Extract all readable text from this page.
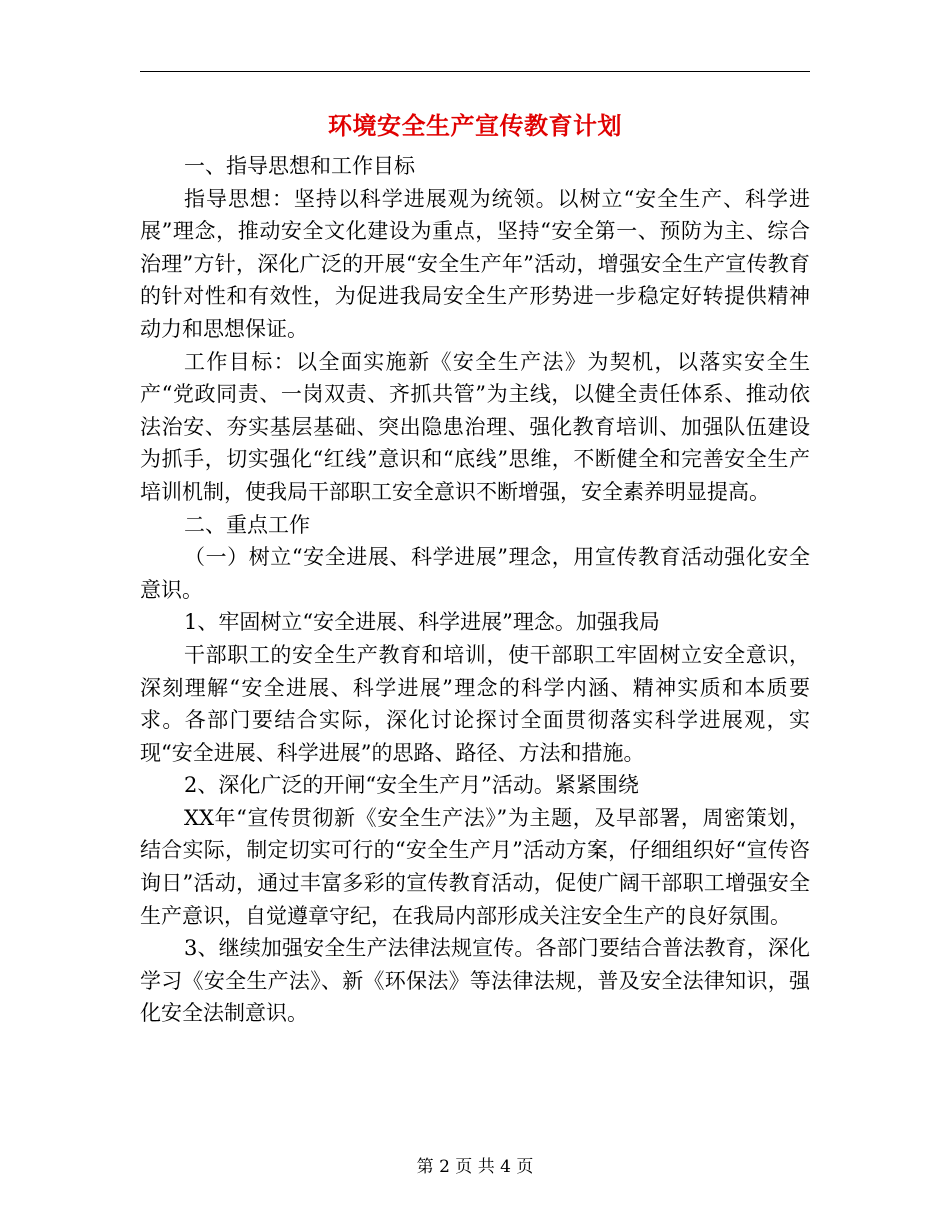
环境安全生产宣传教育计划

一、指导思想和工作目标

指导思想：坚持以科学进展观为统领。以树立“安全生产、科学进展”理念，推动安全文化建设为重点，坚持“安全第一、预防为主、综合治理”方针，深化广泛的开展“安全生产年”活动，增强安全生产宣传教育的针对性和有效性，为促进我局安全生产形势进一步稳定好转提供精神动力和思想保证。

工作目标：以全面实施新《安全生产法》为契机，以落实安全生产“党政同责、一岗双责、齐抓共管”为主线，以健全责任体系、推动依法治安、夯实基层基础、突出隐患治理、强化教育培训、加强队伍建设为抓手，切实强化“红线”意识和“底线”思维，不断健全和完善安全生产培训机制，使我局干部职工安全意识不断增强，安全素养明显提高。

二、重点工作

（一）树立“安全进展、科学进展”理念，用宣传教育活动强化安全意识。

1、牢固树立“安全进展、科学进展”理念。加强我局

干部职工的安全生产教育和培训，使干部职工牢固树立安全意识，深刻理解“安全进展、科学进展”理念的科学内涵、精神实质和本质要求。各部门要结合实际，深化讨论探讨全面贯彻落实科学进展观，实现“安全进展、科学进展”的思路、路径、方法和措施。

2、深化广泛的开闸“安全生产月”活动。紧紧围绕

XX年“宣传贯彻新《安全生产法》”为主题，及早部署，周密策划，结合实际，制定切实可行的“安全生产月”活动方案，仔细组织好“宣传咨询日”活动，通过丰富多彩的宣传教育活动，促使广阔干部职工增强安全生产意识，自觉遵章守纪，在我局内部形成关注安全生产的良好氛围。

3、继续加强安全生产法律法规宣传。各部门要结合普法教育，深化学习《安全生产法》、新《环保法》等法律法规，普及安全法律知识，强化安全法制意识。

第 2 页 共 4 页
